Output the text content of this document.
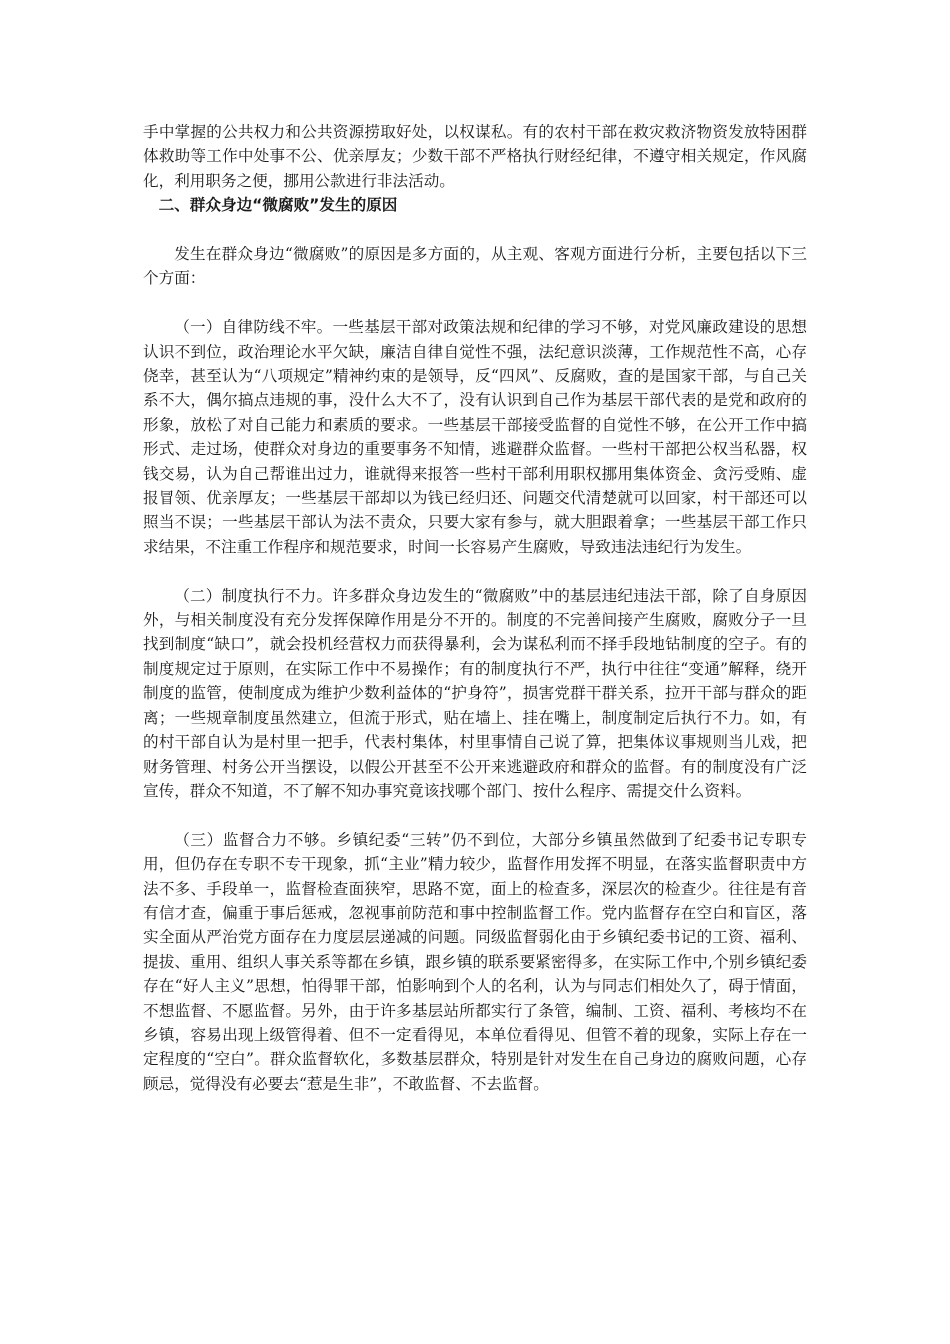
手中掌握的公共权力和公共资源捞取好处，以权谋私。有的农村干部在救灾救济物资发放特困群体救助等工作中处事不公、优亲厚友；少数干部不严格执行财经纪律，不遵守相关规定，作风腐化，利用职务之便，挪用公款进行非法活动。

二、群众身边“微腐败”发生的原因

发生在群众身边“微腐败”的原因是多方面的，从主观、客观方面进行分析，主要包括以下三个方面：

（一）自律防线不牢。一些基层干部对政策法规和纪律的学习不够，对党风廉政建设的思想认识不到位，政治理论水平欠缺，廉洁自律自觉性不强，法纪意识淡薄，工作规范性不高，心存侥幸，甚至认为“八项规定”精神约束的是领导，反“四风”、反腐败，查的是国家干部，与自己关系不大，偶尔搞点违规的事，没什么大不了，没有认识到自己作为基层干部代表的是党和政府的形象，放松了对自己能力和素质的要求。一些基层干部接受监督的自觉性不够，在公开工作中搞形式、走过场，使群众对身边的重要事务不知情，逃避群众监督。一些村干部把公权当私器，权钱交易，认为自己帮谁出过力，谁就得来报答一些村干部利用职权挪用集体资金、贪污受贿、虚报冒领、优亲厚友；一些基层干部却以为钱已经归还、问题交代清楚就可以回家，村干部还可以照当不误；一些基层干部认为法不责众，只要大家有参与，就大胆跟着拿；一些基层干部工作只求结果，不注重工作程序和规范要求，时间一长容易产生腐败，导致违法违纪行为发生。

（二）制度执行不力。许多群众身边发生的“微腐败”中的基层违纪违法干部，除了自身原因外，与相关制度没有充分发挥保障作用是分不开的。制度的不完善间接产生腐败，腐败分子一旦找到制度“缺口”，就会投机经营权力而获得暴利，会为谋私利而不择手段地钻制度的空子。有的制度规定过于原则，在实际工作中不易操作；有的制度执行不严，执行中往往“变通”解释，绕开制度的监管，使制度成为维护少数利益体的“护身符”，损害党群干群关系，拉开干部与群众的距离；一些规章制度虽然建立，但流于形式，贴在墙上、挂在嘴上，制度制定后执行不力。如，有的村干部自认为是村里一把手，代表村集体，村里事情自己说了算，把集体议事规则当儿戏，把财务管理、村务公开当摆设，以假公开甚至不公开来逃避政府和群众的监督。有的制度没有广泛宣传，群众不知道，不了解不知办事究竟该找哪个部门、按什么程序、需提交什么资料。

（三）监督合力不够。乡镇纪委“三转”仍不到位，大部分乡镇虽然做到了纪委书记专职专用，但仍存在专职不专干现象，抓“主业”精力较少，监督作用发挥不明显，在落实监督职责中方法不多、手段单一，监督检查面狭窄，思路不宽，面上的检查多，深层次的检查少。往往是有音有信才查，偏重于事后惩戒，忽视事前防范和事中控制监督工作。党内监督存在空白和盲区，落实全面从严治党方面存在力度层层递减的问题。同级监督弱化由于乡镇纪委书记的工资、福利、提拔、重用、组织人事关系等都在乡镇，跟乡镇的联系要紧密得多，在实际工作中,个别乡镇纪委存在“好人主义”思想，怕得罪干部，怕影响到个人的名利，认为与同志们相处久了，碍于情面，不想监督、不愿监督。另外，由于许多基层站所都实行了条管，编制、工资、福利、考核均不在乡镇，容易出现上级管得着、但不一定看得见，本单位看得见、但管不着的现象，实际上存在一定程度的“空白”。群众监督软化，多数基层群众，特别是针对发生在自己身边的腐败问题，心存顾忌，觉得没有必要去“惹是生非”，不敢监督、不去监督。
